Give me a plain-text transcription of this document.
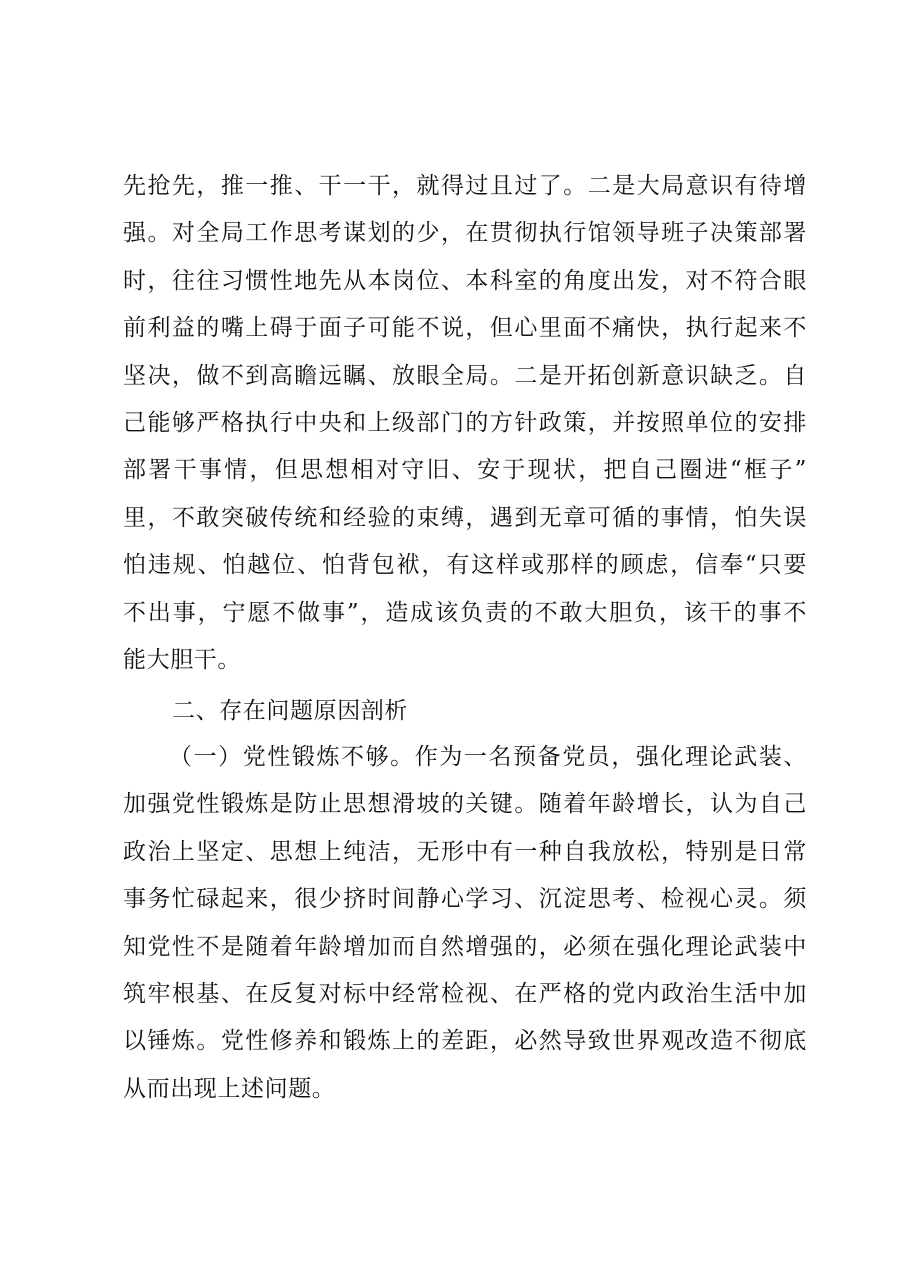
先抢先，推一推、干一干，就得过且过了。二是大局意识有待增
强。对全局工作思考谋划的少，在贯彻执行馆领导班子决策部署
时，往往习惯性地先从本岗位、本科室的角度出发，对不符合眼
前利益的嘴上碍于面子可能不说，但心里面不痛快，执行起来不
坚决，做不到高瞻远瞩、放眼全局。二是开拓创新意识缺乏。自
己能够严格执行中央和上级部门的方针政策，并按照单位的安排
部署干事情，但思想相对守旧、安于现状，把自己圈进“框子”
里，不敢突破传统和经验的束缚，遇到无章可循的事情，怕失误
怕违规、怕越位、怕背包袱，有这样或那样的顾虑，信奉“只要
不出事，宁愿不做事”，造成该负责的不敢大胆负，该干的事不
能大胆干。
二、存在问题原因剖析
（一）党性锻炼不够。作为一名预备党员，强化理论武装、
加强党性锻炼是防止思想滑坡的关键。随着年龄增长，认为自己
政治上坚定、思想上纯洁，无形中有一种自我放松，特别是日常
事务忙碌起来，很少挤时间静心学习、沉淀思考、检视心灵。须
知党性不是随着年龄增加而自然增强的，必须在强化理论武装中
筑牢根基、在反复对标中经常检视、在严格的党内政治生活中加
以锤炼。党性修养和锻炼上的差距，必然导致世界观改造不彻底
从而出现上述问题。
